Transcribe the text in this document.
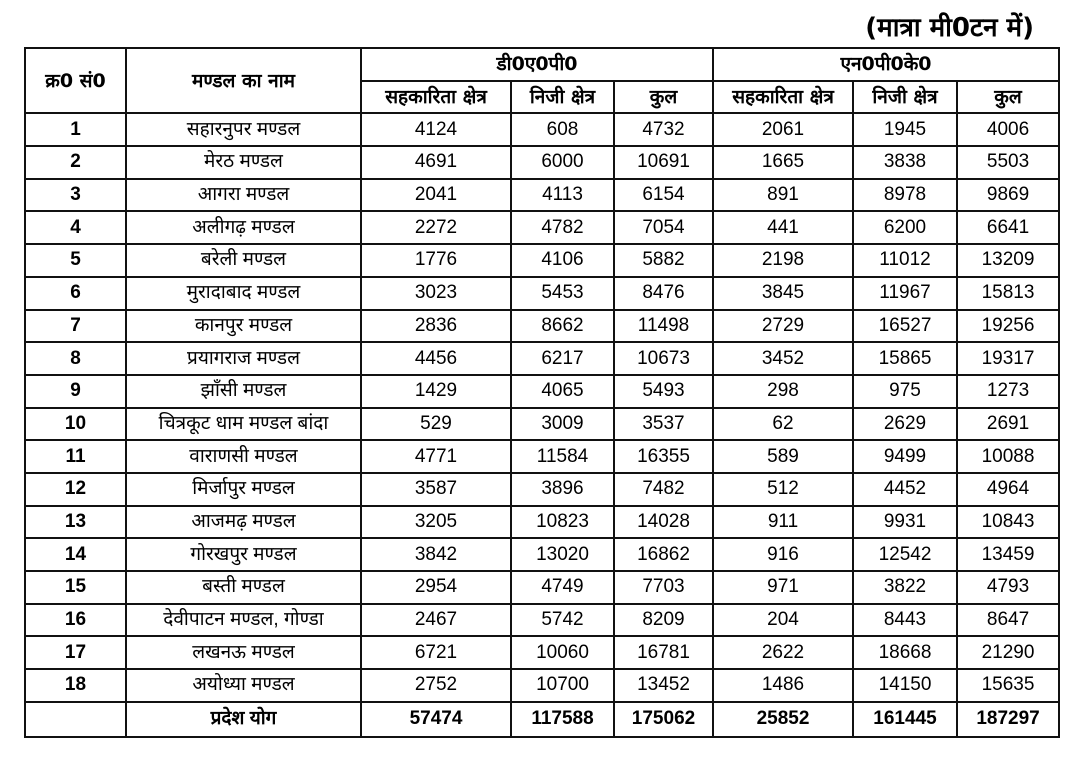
(मात्रा मी0टन में)
क्र0 सं0	मण्डल का नाम	डी0ए0पी0			एन0पी0के0		
		सहकारिता क्षेत्र	निजी क्षेत्र	कुल	सहकारिता क्षेत्र	निजी क्षेत्र	कुल
1	सहारनुपर मण्डल	4124	608	4732	2061	1945	4006
2	मेरठ मण्डल	4691	6000	10691	1665	3838	5503
3	आगरा मण्डल	2041	4113	6154	891	8978	9869
4	अलीगढ़ मण्डल	2272	4782	7054	441	6200	6641
5	बरेली मण्डल	1776	4106	5882	2198	11012	13209
6	मुरादाबाद मण्डल	3023	5453	8476	3845	11967	15813
7	कानपुर मण्डल	2836	8662	11498	2729	16527	19256
8	प्रयागराज मण्डल	4456	6217	10673	3452	15865	19317
9	झाँसी मण्डल	1429	4065	5493	298	975	1273
10	चित्रकूट धाम मण्डल बांदा	529	3009	3537	62	2629	2691
11	वाराणसी मण्डल	4771	11584	16355	589	9499	10088
12	मिर्जापुर मण्डल	3587	3896	7482	512	4452	4964
13	आजमढ़ मण्डल	3205	10823	14028	911	9931	10843
14	गोरखपुर मण्डल	3842	13020	16862	916	12542	13459
15	बस्ती मण्डल	2954	4749	7703	971	3822	4793
16	देवीपाटन मण्डल, गोण्डा	2467	5742	8209	204	8443	8647
17	लखनऊ मण्डल	6721	10060	16781	2622	18668	21290
18	अयोध्या मण्डल	2752	10700	13452	1486	14150	15635
	प्रदेश योग	57474	117588	175062	25852	161445	187297
